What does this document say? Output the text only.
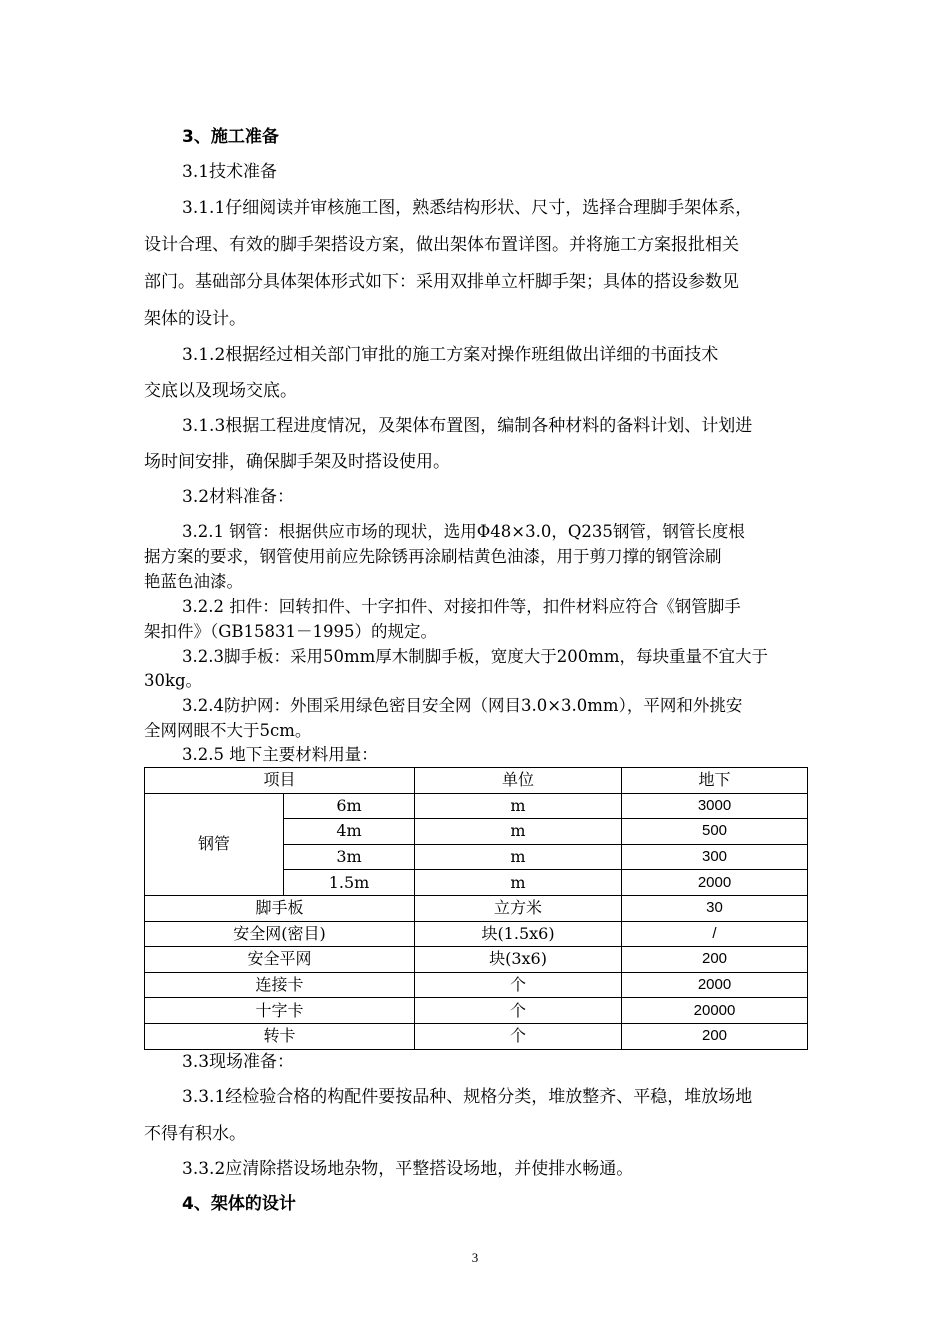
3、施工准备
3.1技术准备
3.1.1仔细阅读并审核施工图，熟悉结构形状、尺寸，选择合理脚手架体系，
设计合理、有效的脚手架搭设方案，做出架体布置详图。并将施工方案报批相关
部门。基础部分具体架体形式如下：采用双排单立杆脚手架；具体的搭设参数见
架体的设计。
3.1.2根据经过相关部门审批的施工方案对操作班组做出详细的书面技术
交底以及现场交底。
3.1.3根据工程进度情况，及架体布置图，编制各种材料的备料计划、计划进
场时间安排，确保脚手架及时搭设使用。
3.2材料准备：
3.2.1 钢管：根据供应市场的现状，选用Φ48×3.0，Q235钢管，钢管长度根
据方案的要求，钢管使用前应先除锈再涂刷桔黄色油漆，用于剪刀撑的钢管涂刷
艳蓝色油漆。
3.2.2 扣件：回转扣件、十字扣件、对接扣件等，扣件材料应符合《钢管脚手
架扣件》（GB15831－1995）的规定。
3.2.3脚手板：采用50mm厚木制脚手板，宽度大于200mm，每块重量不宜大于
30kg。
3.2.4防护网：外围采用绿色密目安全网（网目3.0×3.0mm），平网和外挑安
全网网眼不大于5cm。
3.2.5 地下主要材料用量：
项目		单位	地下
钢管	6m	m	3000
	4m	m	500
	3m	m	300
	1.5m	m	2000
脚手板		立方米	30
安全网(密目)		块(1.5x6)	/
安全平网		块(3x6)	200
连接卡		个	2000
十字卡		个	20000
转卡		个	200
3.3现场准备：
3.3.1经检验合格的构配件要按品种、规格分类，堆放整齐、平稳，堆放场地
不得有积水。
3.3.2应清除搭设场地杂物，平整搭设场地，并使排水畅通。
4、架体的设计
3
